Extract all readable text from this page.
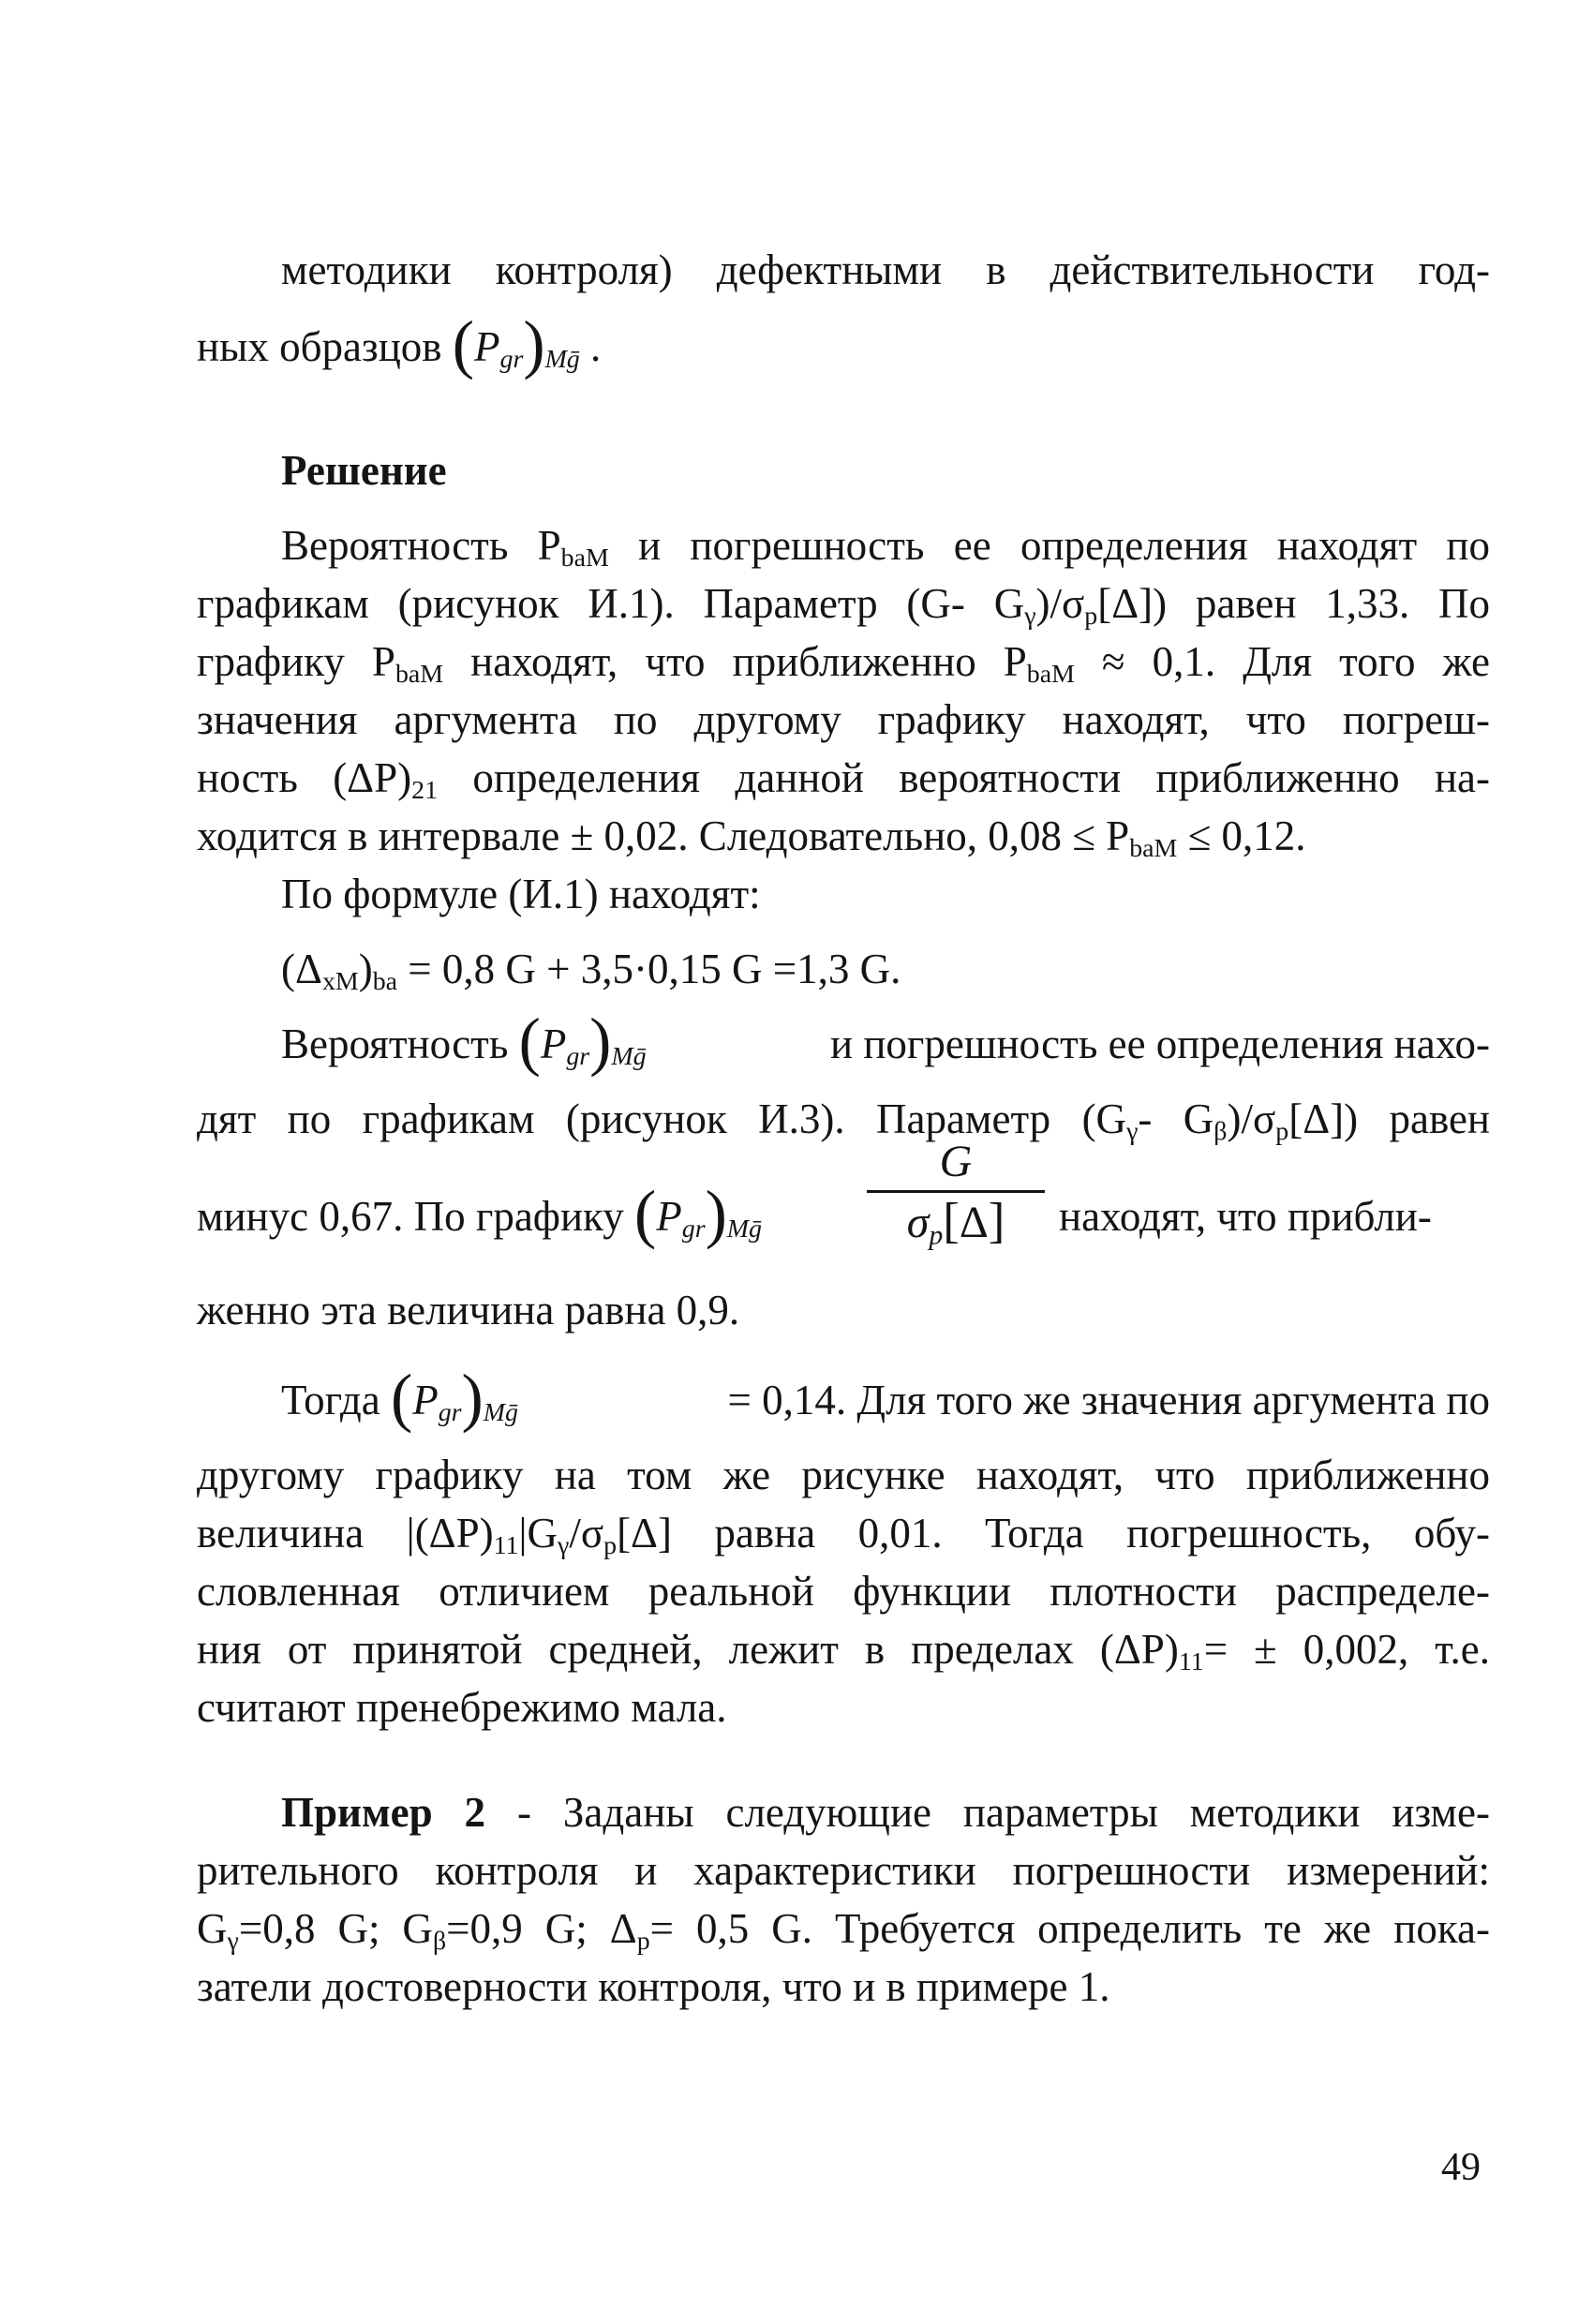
методики контроля) дефектными в действительности год-
ных образцов $(P_{gr})_{Mḡ}$ .
Решение
Вероятность $P_{baM}$ и погрешность ее определения находят по
графикам (рисунок И.1). Параметр (G- $G_\gamma)/\sigma_p[\Delta]$) равен 1,33. По
графику $P_{baM}$ находят, что приближенно $P_{baM} \approx 0,1$. Для того же
значения аргумента по другому графику находят, что погреш-
ность $(\Delta P)_{21}$ определения данной вероятности приближенно на-
ходится в интервале ± 0,02. Следовательно, $0,08 \le P_{baM} \le 0,12$.
По формуле (И.1) находят:
$(\Delta_{xM})_{ba} = 0,8$ G + 3,5·0,15 G =1,3 G.
Вероятность $(P_{gr})_{Mḡ}$	и погрешность ее определения нахо-
дят по графикам (рисунок И.3). Параметр ($G_\gamma-$ $G_\beta)/\sigma_p[\Delta]$) равен
минус 0,67. По графику $(P_{gr})_{Mḡ}$
G
$\sigma_p[\Delta]$	находят, что прибли-
женно эта величина равна 0,9.
Тогда $(P_{gr})_{Mḡ}$	= 0,14. Для того же значения аргумента по
другому графику на том же рисунке находят, что приближенно
величина $|(\Delta P)_{11}|G_\gamma/\sigma_p[\Delta]$ равна 0,01. Тогда погрешность, обу-
словленная отличием реальной функции плотности распределе-
ния от принятой средней, лежит в пределах $(\Delta P)_{11}= \pm 0,002$, т.е.
считают пренебрежимо мала.
Пример 2 - Заданы следующие параметры методики изме-
рительного контроля и характеристики погрешности измерений:
$G_\gamma=0,8$ G; $G_\beta=0,9$ G; $\Delta_p= 0,5$ G. Требуется определить те же пока-
затели достоверности контроля, что и в примере 1.
49
